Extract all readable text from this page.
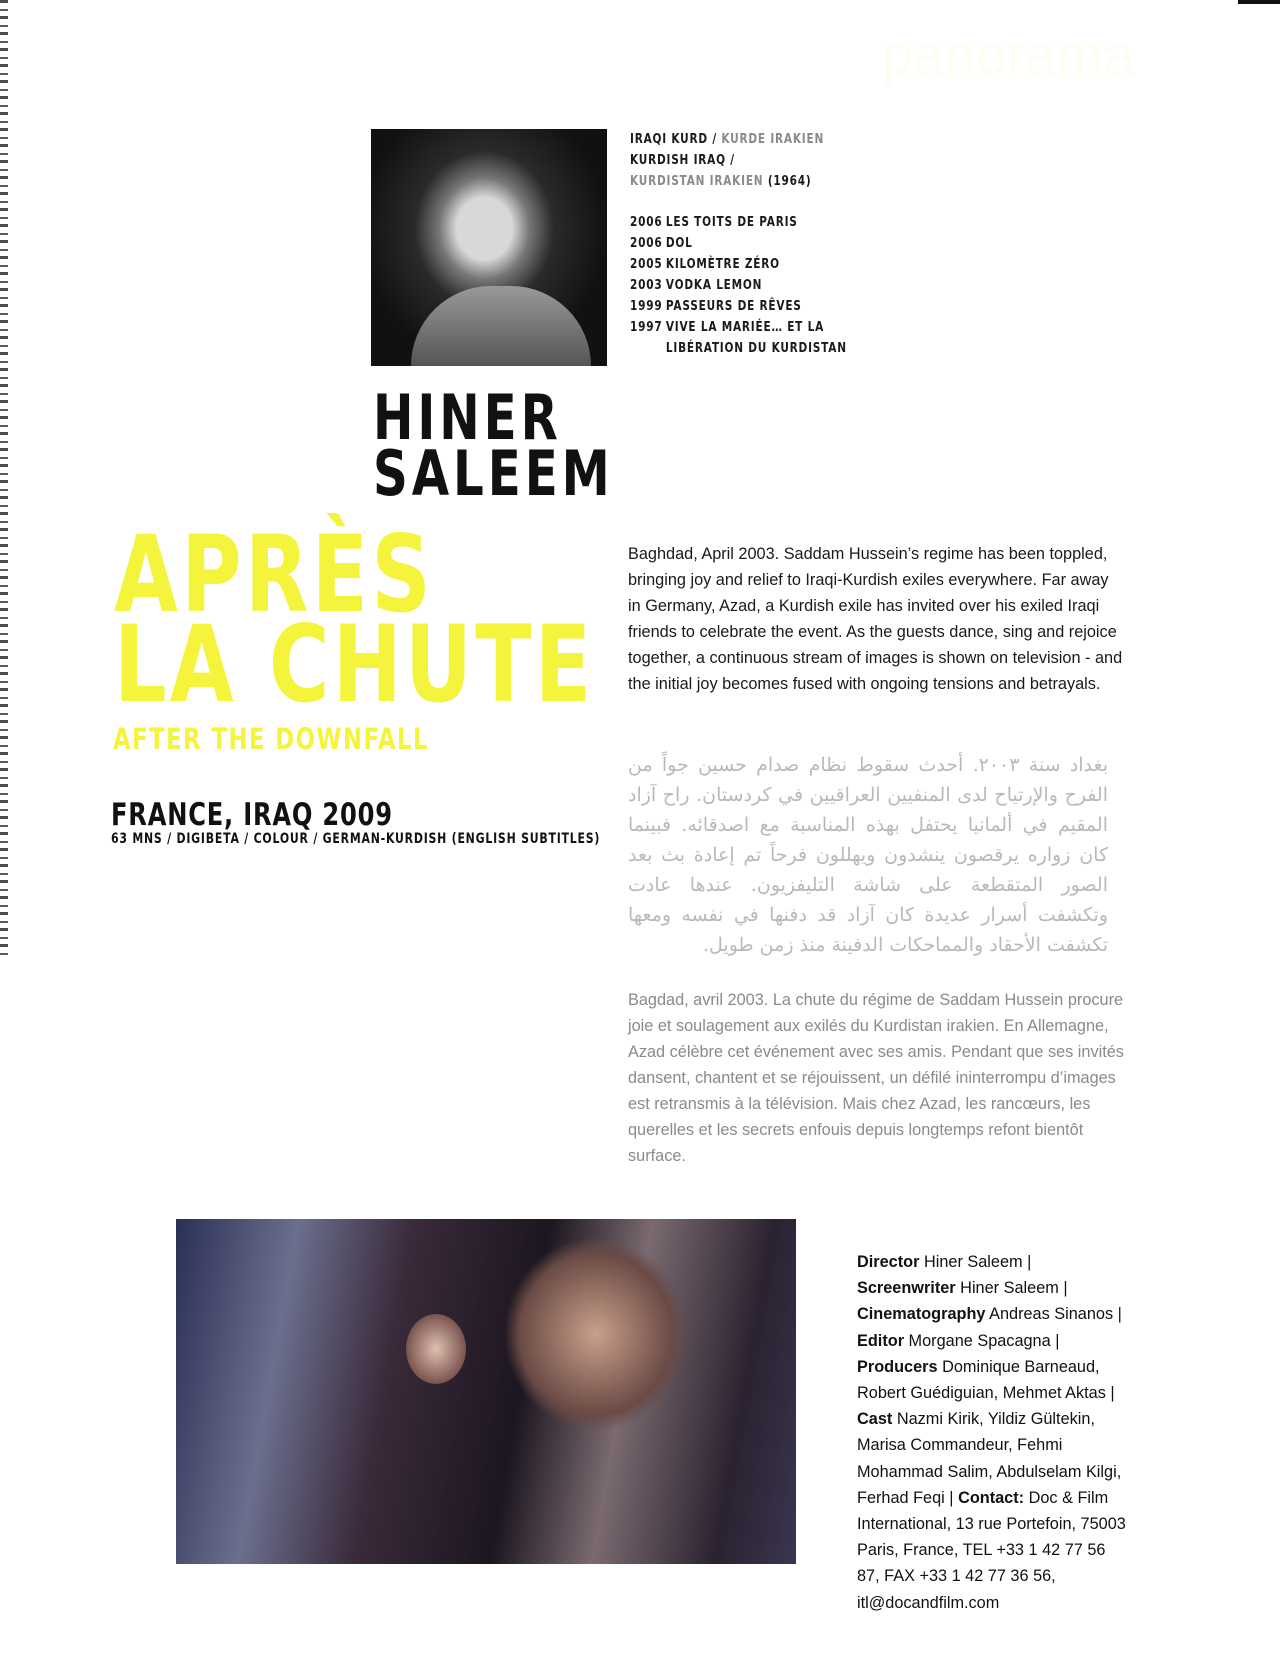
panorama
IRAQI KURD / KURDE IRAKIEN
KURDISH IRAQ /
KURDISTAN IRAKIEN (1964)
2006 LES TOITS DE PARIS
2006 DOL
2005 KILOMÈTRE ZÉRO
2003 VODKA LEMON
1999 PASSEURS DE RÊVES
1997 VIVE LA MARIÉE… ET LA
LIBÉRATION DU KURDISTAN
HINER
SALEEM
APRÈS
LA CHUTE
AFTER THE DOWNFALL
FRANCE, IRAQ 2009
63 MNS / DIGIBETA / COLOUR / GERMAN-KURDISH (ENGLISH SUBTITLES)

Baghdad, April 2003. Saddam Hussein’s regime has been toppled, bringing joy and relief to Iraqi-Kurdish exiles everywhere. Far away in Germany, Azad, a Kurdish exile has invited over his exiled Iraqi friends to celebrate the event. As the guests dance, sing and rejoice together, a continuous stream of images is shown on television - and the initial joy becomes fused with ongoing tensions and betrayals.

بغداد سنة ٢٠٠٣. أحدث سقوط نظام صدام حسين جواً من الفرح والإرتياح لدى المنفيين العراقيين في كردستان. راح آزاد المقيم في ألمانيا يحتفل بهذه المناسبة مع اصدقائه. فبينما كان زواره يرقصون ينشدون ويهللون فرحاً تم إعادة بث بعد الصور المتقطعة على شاشة التليفزيون. عندها عادت وتكشفت أسرار عديدة كان آزاد قد دفنها في نفسه ومعها تكشفت الأحقاد والمماحكات الدفينة منذ زمن طويل.

Bagdad, avril 2003. La chute du régime de Saddam Hussein procure joie et soulagement aux exilés du Kurdistan irakien. En Allemagne, Azad célèbre cet événement avec ses amis. Pendant que ses invités dansent, chantent et se réjouissent, un défilé ininterrompu d’images est retransmis à la télévision. Mais chez Azad, les rancœurs, les querelles et les secrets enfouis depuis longtemps refont bientôt surface.

Director Hiner Saleem | Screenwriter Hiner Saleem | Cinematography Andreas Sinanos | Editor Morgane Spacagna | Producers Dominique Barneaud, Robert Guédiguian, Mehmet Aktas | Cast Nazmi Kirik, Yildiz Gültekin, Marisa Commandeur, Fehmi Mohammad Salim, Abdulselam Kilgi, Ferhad Feqi | Contact: Doc & Film International, 13 rue Portefoin, 75003 Paris, France, TEL +33 1 42 77 56 87, FAX +33 1 42 77 36 56, itl@docandfilm.com
